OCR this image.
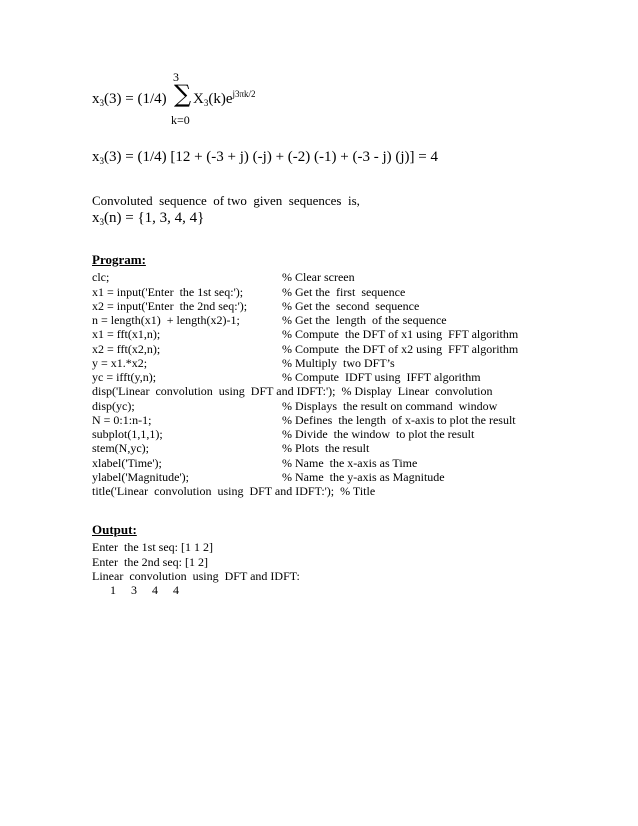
3
$x_3(3) = (1/4)$ ∑ $X_3(k)e^{j3\pi k/2}$
k=0
$x_3(3) = (1/4) [12 + (-3 + j) (-j) + (-2) (-1) + (-3 - j) (j)] = 4$
Convoluted  sequence  of two  given  sequences  is,
$x_3(n) = \{1$, 3, 4, 4}
Program:
clc;	% Clear screen
x1 = input('Enter  the 1st seq:');	% Get the  first  sequence
x2 = input('Enter  the 2nd seq:');	% Get the  second  sequence
n = length(x1)  + length(x2)-1;	% Get the  length  of the sequence
x1 = fft(x1,n);	% Compute  the DFT of x1 using  FFT algorithm
x2 = fft(x2,n);	% Compute  the DFT of x2 using  FFT algorithm
y = x1.*x2;	% Multiply  two DFT’s
yc = ifft(y,n);	% Compute  IDFT using  IFFT algorithm
disp('Linear  convolution  using  DFT and IDFT:');  % Display  Linear  convolution
disp(yc);	% Displays  the result on command  window
N = 0:1:n-1;	% Defines  the length  of x-axis to plot the result
subplot(1,1,1);	% Divide  the window  to plot the result
stem(N,yc);	% Plots  the result
xlabel('Time');	% Name  the x-axis as Time
ylabel('Magnitude');	% Name  the y-axis as Magnitude
title('Linear  convolution  using  DFT and IDFT:');  % Title
Output:
Enter  the 1st seq: [1 1 2]
Enter  the 2nd seq: [1 2]
Linear  convolution  using  DFT and IDFT:
1     3     4     4
